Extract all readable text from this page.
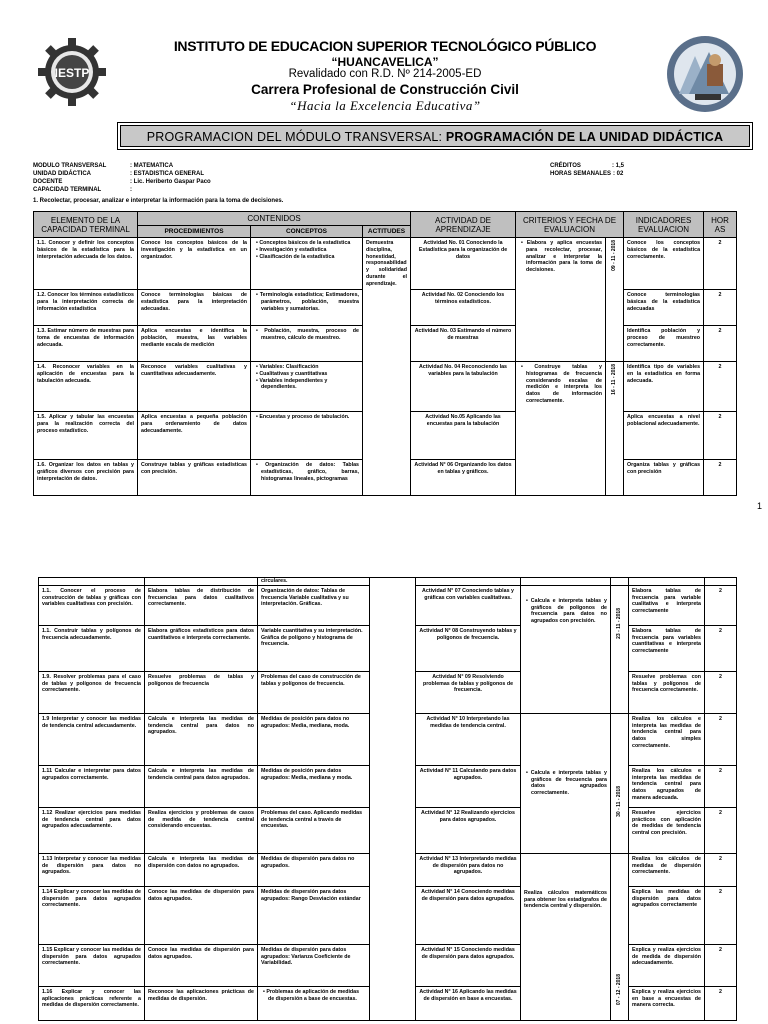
IESTP
INSTITUTO DE EDUCACION SUPERIOR TECNOLÓGICO PÚBLICO
“HUANCAVELICA”
Revalidado con R.D. Nº 214-2005-ED
Carrera Profesional de Construcción Civil
“Hacia la Excelencia Educativa”
PROGRAMACION DEL MÓDULO TRANSVERSAL: PROGRAMACIÓN DE LA UNIDAD DIDÁCTICA
MODULO TRANSVERSAL	: MATEMATICA
UNIDAD DIDÁCTICA	: ESTADISTICA GENERAL
DOCENTE	: Lic. Heriberto Gaspar Paco
CAPACIDAD TERMINAL	:
CRÉDITOS	: 1,5
HORAS SEMANALES : 02
1. Recolectar, procesar, analizar e interpretar la información para la toma de decisiones.
ELEMENTO DE LA CAPACIDAD TERMINAL	CONTENIDOS			ACTIVIDAD DE APRENDIZAJE	CRITERIOS Y FECHA DE EVALUACION		INDICADORES EVALUACION	HOR AS
	PROCEDIMIENTOS	CONCEPTOS	ACTITUDES					
1.1. Conocer y definir los conceptos básicos de la estadística para la interpretación adecuada de los datos.	Conoce los conceptos básicos de la investigación y la estadística en un organizador.	• Conceptos básicos de la estadística
• Investigación y estadística
• Clasificación de la estadística	Demuestra disciplina, honestidad, responsabilidad y solidaridad durante el aprendizaje.	Actividad No. 01 Conociendo la Estadística para la organización de datos	• Elabora y aplica encuestas para recolectar, procesar, analizar e interpretar la información para la toma de decisiones.	09 - 11 - 2018	Conoce los conceptos básicos de la estadística correctamente.	2
1.2. Conocer los términos estadísticos para la interpretación correcta de información estadística	Conoce terminologías básicas de estadística para la interpretación adecuadas.	• Terminología estadística; Estimadores, parámetros, población, muestra variables y sumatorias.		Actividad No. 02 Conociendo los términos estadísticos.			Conoce terminologías básicas de la estadística adecuadas	2
1.3. Estimar número de muestras para toma de encuestas de información adecuada.	Aplica encuestas e identifica la población, muestra, las variables mediante escala de medición	• Población, muestra, proceso de muestreo, cálculo de muestreo.		Actividad No. 03 Estimando el número de muestras			Identifica población y proceso de muestreo correctamente.	2
1.4. Reconocer variables en la aplicación de encuestas para la tabulación adecuada.	Reconoce variables cualitativas y cuantitativas adecuadamente.	• Variables: Clasificación
• Cualitativas y cuantitativas
• Variables independientes y dependientes.		Actividad No. 04 Reconociendo las variables para la tabulación	• Construye tablas y histogramas de frecuencia considerando escalas de medición e interpreta los datos de información correctamente.	16 - 11 - 2018	Identifica tipo de variables en la estadística en forma adecuada.	2
1.5. Aplicar y tabular las encuestas para la realización correcta del proceso estadístico.	Aplica encuestas a pequeña población para ordenamiento de datos adecuadamente.	• Encuestas y proceso de tabulación.		Actividad No.05 Aplicando las encuestas para la tabulación			Aplica encuestas a nivel poblacional adecuadamente.	2
1.6. Organizar los datos en tablas y gráficos diversos con precisión para interpretación de datos.	Construye tablas y gráficas estadísticas con precisión.	• Organización de datos: Tablas estadísticas, gráfico, barras, histogramas lineales, pictogramas		Actividad N° 06 Organizando los datos en tablas y gráficos.			Organiza tablas y gráficas con precisión	2
1
		circulares.						
1.1. Conocer el proceso de construcción de tablas y gráficas con variables cualitativas con precisión.	Elabora tablas de distribución de frecuencias para datos cualitativos correctamente.	Organización de datos: Tablas de frecuencia Variable cualitativa y su interpretación. Gráficas.		Actividad N° 07 Conociendo tablas y gráficas con variables cualitativas.	• Calcula e interpreta tablas y gráficos de polígonos de frecuencia para datos no agrupados con precisión.	23 - 11 - 2018	Elabora tablas de frecuencia para variable cualitativa e interpreta correctamente	2
1.1. Construir tablas y polígonos de frecuencia adecuadamente.	Elabora gráficos estadísticos para datos cuantitativos e interpreta correctamente.	Variable cuantitativa y su interpretación. Gráfica de polígono y histograma de frecuencia.		Actividad N° 08 Construyendo tablas y polígonos de frecuencia.			Elabora tablas de frecuencia para variables cuantitativas e interpreta correctamente	2
1.9. Resolver problemas para el caso de tablas y polígonos de frecuencia correctamente.	Resuelve problemas de tablas y polígonos de frecuencia	Problemas del caso de construcción de tablas y polígonos de frecuencia.		Actividad N° 09 Resolviendo problemas de tablas y polígonos de frecuencia.			Resuelve problemas con tablas y polígonos de frecuencia correctamente.	2
1.9 Interpretar y conocer las medidas de tendencia central adecuadamente.	Calcula e interpreta las medidas de tendencia central para datos no agrupados.	Medidas de posición para datos no agrupados: Media, mediana, moda.		Actividad N° 10 Interpretando las medidas de tendencia central.	• Calcula e interpreta tablas y gráficos de frecuencia para datos agrupados correctamente.	30 - 11 - 2018	Realiza los cálculos e interpreta las medidas de tendencia central para datos simples correctamente.	2
1.11 Calcular e interpretar para datos agrupados correctamente.	Calcula e interpreta las medidas de tendencia central para datos agrupados.	Medidas de posición para datos agrupados: Media, mediana y moda.		Actividad N° 11 Calculando para datos agrupados.			Realiza los cálculos e interpreta las medidas de tendencia central para datos agrupados de manera adecuada.	2
1.12 Realizar ejercicios para medidas de tendencia central para datos agrupados adecuadamente.	Realiza ejercicios y problemas de casos de medida de tendencia central considerando encuestas.	Problemas del caso. Aplicando medidas de tendencia central a través de encuestas.		Actividad N° 12 Realizando ejercicios para datos agrupados.			Resuelve ejercicios prácticos con aplicación de medidas de tendencia central con precisión.	2
1.13 Interpretar y conocer las medidas de dispersión para datos no agrupados.	Calcula e interpreta las medidas de dispersión con datos no agrupados.	Medidas de dispersión para datos no agrupados.		Actividad N° 13 Interpretando medidas de dispersión para datos no agrupados.	Realiza cálculos matemáticos para obtener los estadígrafos de tendencia central y dispersión.	07 - 12 - 2018	Realiza los cálculos de medidas de dispersión correctamente.	2
1.14 Explicar y conocer las medidas de dispersión para datos agrupados correctamente.	Conoce las medidas de dispersión para datos agrupados.	Medidas de dispersión para datos agrupados: Rango Desviación estándar		Actividad N° 14 Conociendo medidas de dispersión para datos agrupados.			Explica las medidas de dispersión para datos agrupados correctamente	2
1.15 Explicar y conocer las medidas de dispersión para datos agrupados correctamente.	Conoce las medidas de dispersión para datos agrupados.	Medidas de dispersión para datos agrupados: Varianza Coeficiente de Variabilidad.		Actividad N° 15 Conociendo medidas de dispersión para datos agrupados.			Explica y realiza ejercicios de medida de dispersión adecuadamente.	2
1.16 Explicar y conocer las aplicaciones prácticas referente a medidas de dispersión correctamente.	Reconoce las aplicaciones prácticas de medidas de dispersión.	• Problemas de aplicación de medidas de dispersión a base de encuestas.		Actividad N° 16 Aplicando las medidas de dispersión en base a encuestas.			Explica y realiza ejercicios en base a encuestas de manera correcta.	2
